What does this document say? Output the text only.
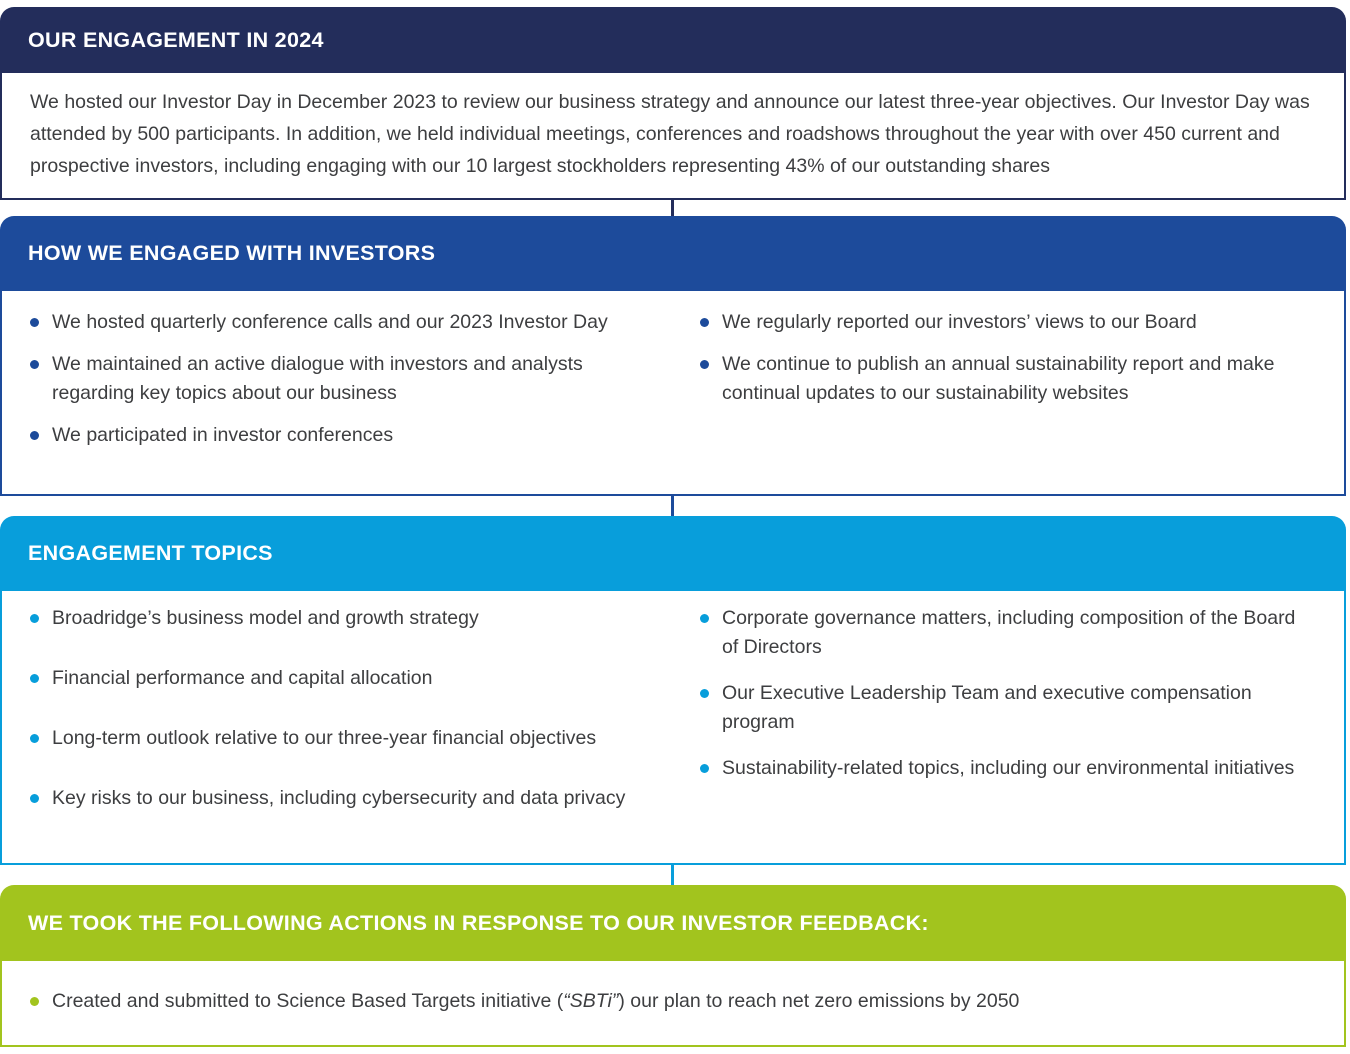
OUR ENGAGEMENT IN 2024

We hosted our Investor Day in December 2023 to review our business strategy and announce our latest three-year objectives. Our Investor Day was attended by 500 participants. In addition, we held individual meetings, conferences and roadshows throughout the year with over 450 current and prospective investors, including engaging with our 10 largest stockholders representing 43% of our outstanding shares

HOW WE ENGAGED WITH INVESTORS
We hosted quarterly conference calls and our 2023 Investor Day
We maintained an active dialogue with investors and analysts regarding key topics about our business
We participated in investor conferences
We regularly reported our investors’ views to our Board
We continue to publish an annual sustainability report and make continual updates to our sustainability websites
ENGAGEMENT TOPICS
Broadridge’s business model and growth strategy
Financial performance and capital allocation
Long-term outlook relative to our three-year financial objectives
Key risks to our business, including cybersecurity and data privacy
Corporate governance matters, including composition of the Board of Directors
Our Executive Leadership Team and executive compensation program
Sustainability-related topics, including our environmental initiatives
WE TOOK THE FOLLOWING ACTIONS IN RESPONSE TO OUR INVESTOR FEEDBACK:
Created and submitted to Science Based Targets initiative (“SBTi”) our plan to reach net zero emissions by 2050
